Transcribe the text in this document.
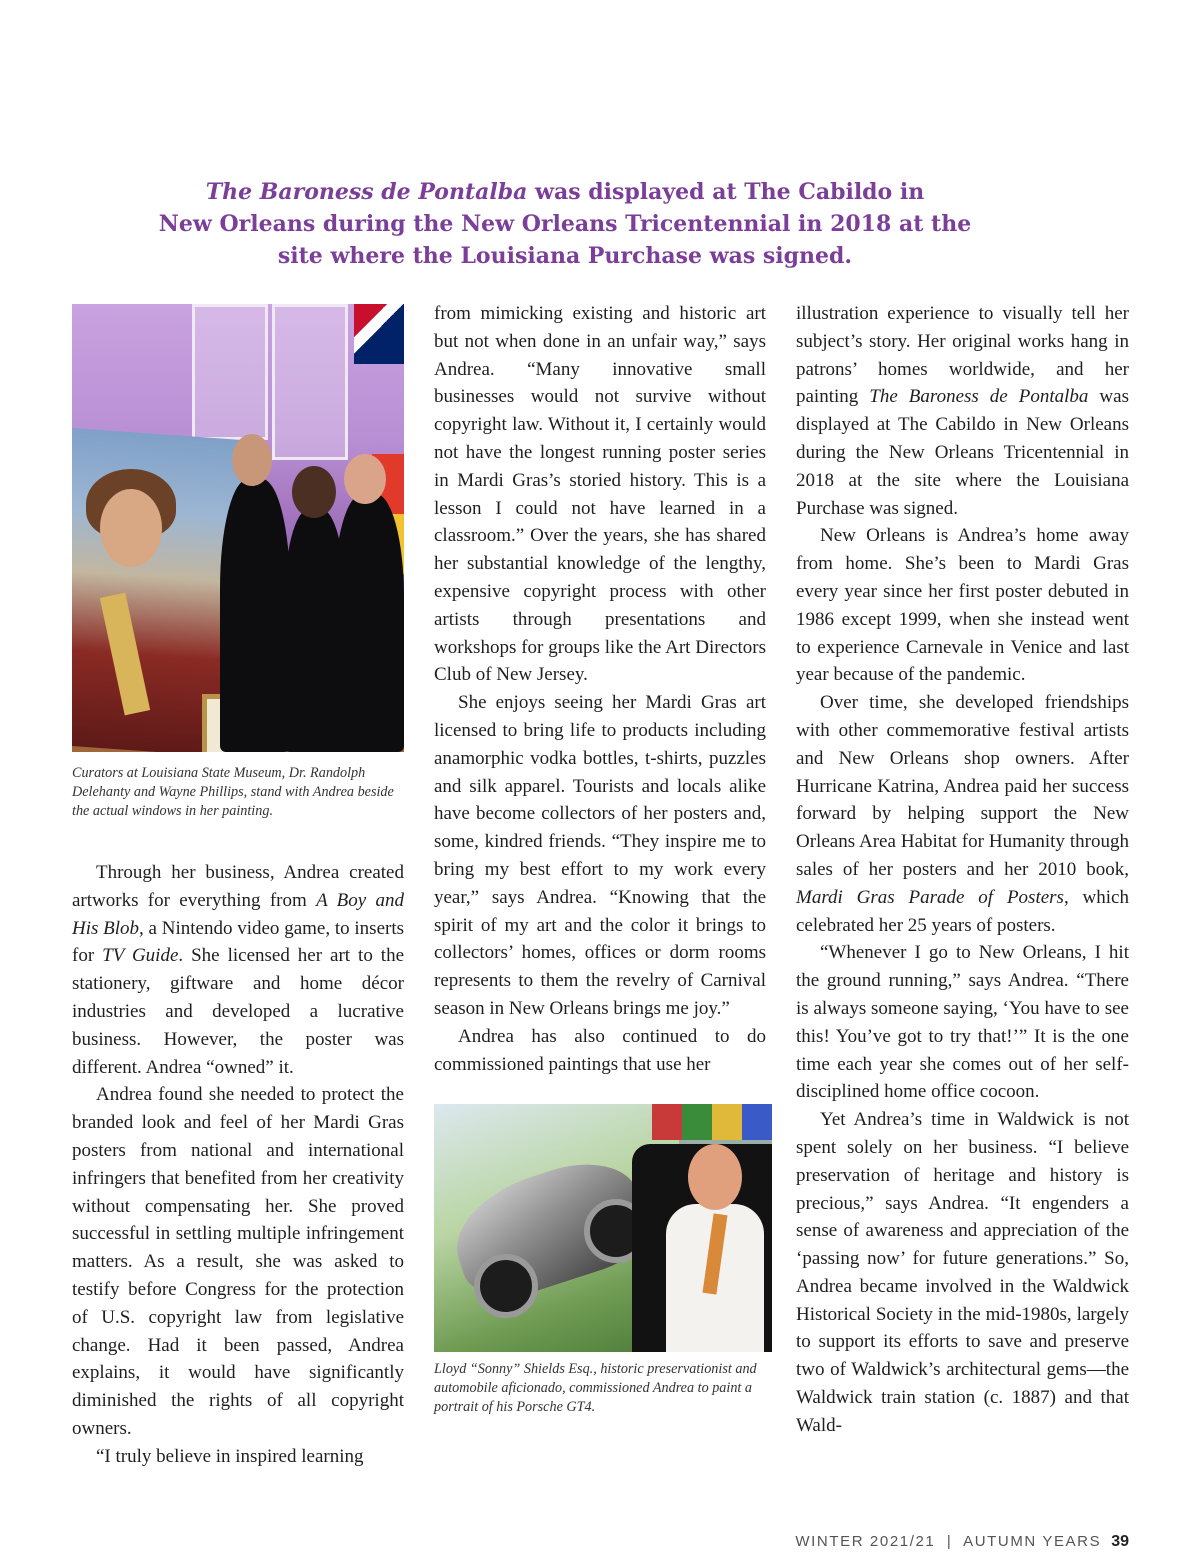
The Baroness de Pontalba was displayed at The Cabildo in
New Orleans during the New Orleans Tricentennial in 2018 at the
site where the Louisiana Purchase was signed.

Curators at Louisiana State Museum, Dr. Randolph Delehanty and Wayne Phillips, stand with Andrea beside the actual windows in her painting.

Through her business, Andrea created artworks for everything from A Boy and His Blob, a Nintendo video game, to inserts for TV Guide. She licensed her art to the stationery, giftware and home décor industries and developed a lucrative business. However, the poster was different. Andrea “owned” it.

Andrea found she needed to protect the branded look and feel of her Mardi Gras posters from national and international infringers that benefited from her creativity without compensating her. She proved successful in settling multiple infringement matters. As a result, she was asked to testify before Congress for the protection of U.S. copyright law from legislative change. Had it been passed, Andrea explains, it would have significantly diminished the rights of all copyright owners.

“I truly believe in inspired learning

from mimicking existing and historic art but not when done in an unfair way,” says Andrea. “Many innovative small businesses would not survive without copyright law. Without it, I certainly would not have the longest running poster series in Mardi Gras’s storied history. This is a lesson I could not have learned in a classroom.” Over the years, she has shared her substantial knowledge of the lengthy, expensive copyright process with other artists through presentations and workshops for groups like the Art Directors Club of New Jersey.

She enjoys seeing her Mardi Gras art licensed to bring life to products including anamorphic vodka bottles, t-shirts, puzzles and silk apparel. Tourists and locals alike have become collectors of her posters and, some, kindred friends. “They inspire me to bring my best effort to my work every year,” says Andrea. “Knowing that the spirit of my art and the color it brings to collectors’ homes, offices or dorm rooms represents to them the revelry of Carnival season in New Orleans brings me joy.”

Andrea has also continued to do commissioned paintings that use her

Lloyd “Sonny” Shields Esq., historic preservationist and automobile aficionado, commissioned Andrea to paint a portrait of his Porsche GT4.

illustration experience to visually tell her subject’s story. Her original works hang in patrons’ homes worldwide, and her painting The Baroness de Pontalba was displayed at The Cabildo in New Orleans during the New Orleans Tricentennial in 2018 at the site where the Louisiana Purchase was signed.

New Orleans is Andrea’s home away from home. She’s been to Mardi Gras every year since her first poster debuted in 1986 except 1999, when she instead went to experience Carnevale in Venice and last year because of the pandemic.

Over time, she developed friendships with other commemorative festival artists and New Orleans shop owners. After Hurricane Katrina, Andrea paid her success forward by helping support the New Orleans Area Habitat for Humanity through sales of her posters and her 2010 book, Mardi Gras Parade of Posters, which celebrated her 25 years of posters.

“Whenever I go to New Orleans, I hit the ground running,” says Andrea. “There is always someone saying, ‘You have to see this! You’ve got to try that!’” It is the one time each year she comes out of her self-disciplined home office cocoon.

Yet Andrea’s time in Waldwick is not spent solely on her business. “I believe preservation of heritage and history is precious,” says Andrea. “It engenders a sense of awareness and appreciation of the ‘passing now’ for future generations.” So, Andrea became involved in the Waldwick Historical Society in the mid-1980s, largely to support its efforts to save and preserve two of Waldwick’s architectural gems—the Waldwick train station (c. 1887) and that Wald-

WINTER 2021/21  |  AUTUMN YEARS 39
